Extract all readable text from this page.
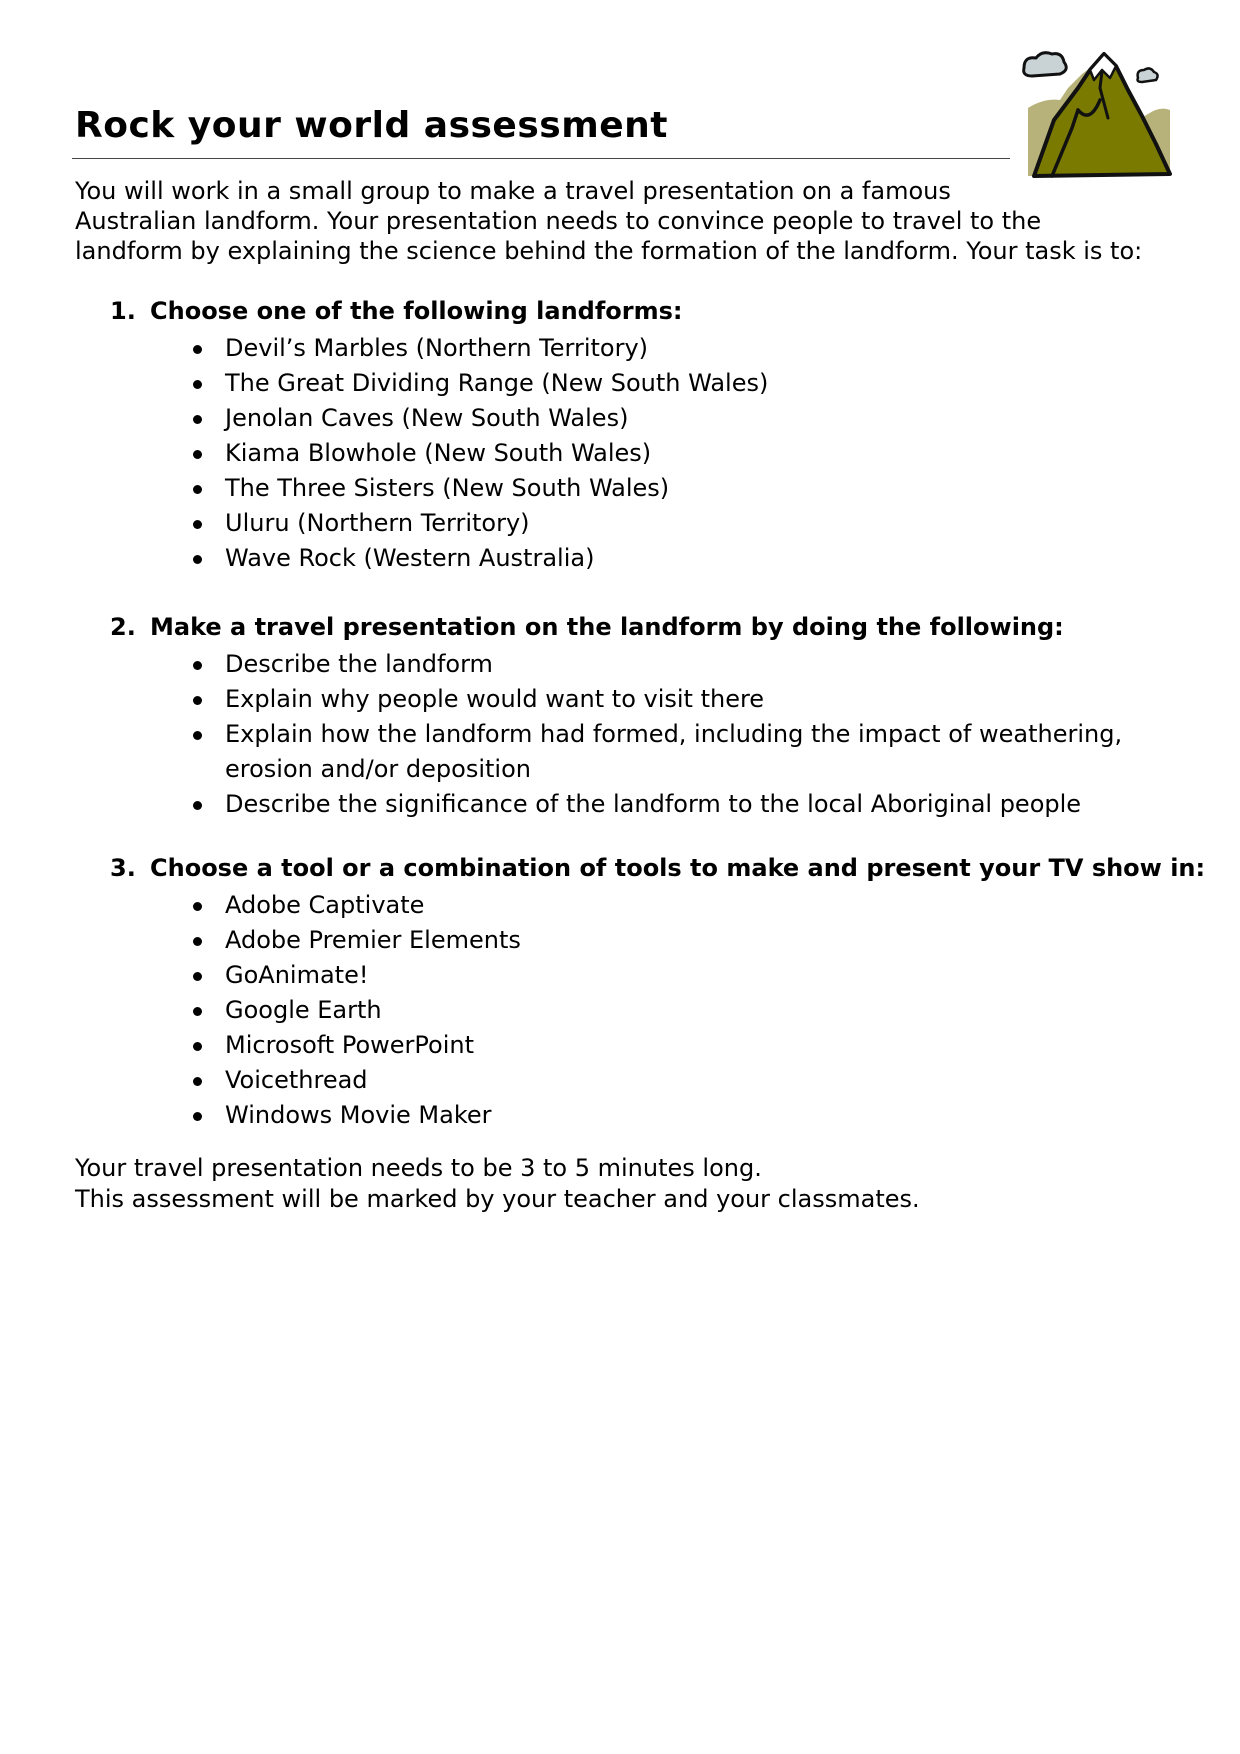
Rock your world assessment

You will work in a small group to make a travel presentation on a famous
Australian landform. Your presentation needs to convince people to travel to the
landform by explaining the science behind the formation of the landform. Your task is to:

1. Choose one of the following landforms:

Devil’s Marbles (Northern Territory)
The Great Dividing Range (New South Wales)
Jenolan Caves (New South Wales)
Kiama Blowhole (New South Wales)
The Three Sisters (New South Wales)
Uluru (Northern Territory)
Wave Rock (Western Australia)

2. Make a travel presentation on the landform by doing the following:

Describe the landform
Explain why people would want to visit there
Explain how the landform had formed, including the impact of weathering,
erosion and/or deposition
Describe the significance of the landform to the local Aboriginal people

3. Choose a tool or a combination of tools to make and present your TV show in:

Adobe Captivate
Adobe Premier Elements
GoAnimate!
Google Earth
Microsoft PowerPoint
Voicethread
Windows Movie Maker

Your travel presentation needs to be 3 to 5 minutes long.
This assessment will be marked by your teacher and your classmates.
